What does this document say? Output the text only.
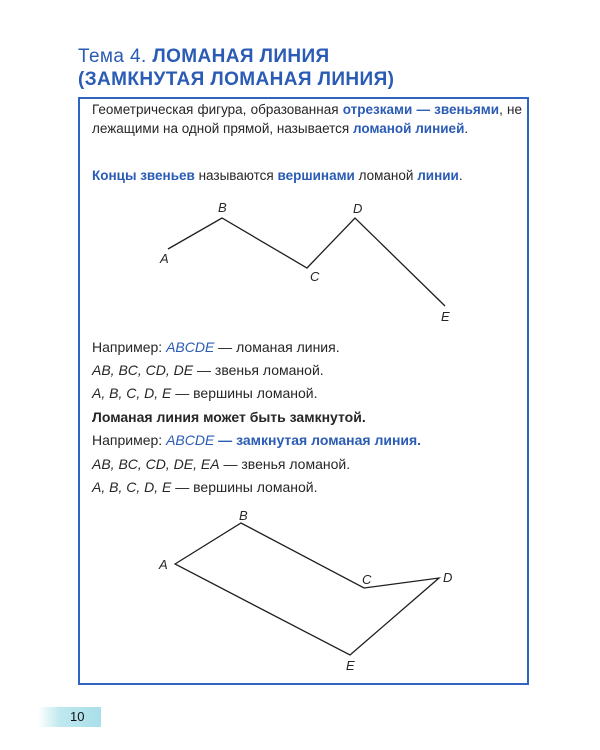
Тема 4. ЛОМАНАЯ ЛИНИЯ
(ЗАМКНУТАЯ ЛОМАНАЯ ЛИНИЯ)
Геометрическая фигура, образованная отрезками — звеньями, не лежащими на одной прямой, называется ломаной линией.
Концы звеньев называются вершинами ломаной линии.
A
B
C
D
E
A
B
C	D
E
Например: ABCDE — ломаная линия.
AB, BC, CD, DE — звенья ломаной.
A, B, C, D, E — вершины ломаной.
Ломаная линия может быть замкнутой.
Например: ABCDE — замкнутая ломаная линия.
AB, BC, CD, DE, EA — звенья ломаной.
A, B, C, D, E — вершины ломаной.
10
